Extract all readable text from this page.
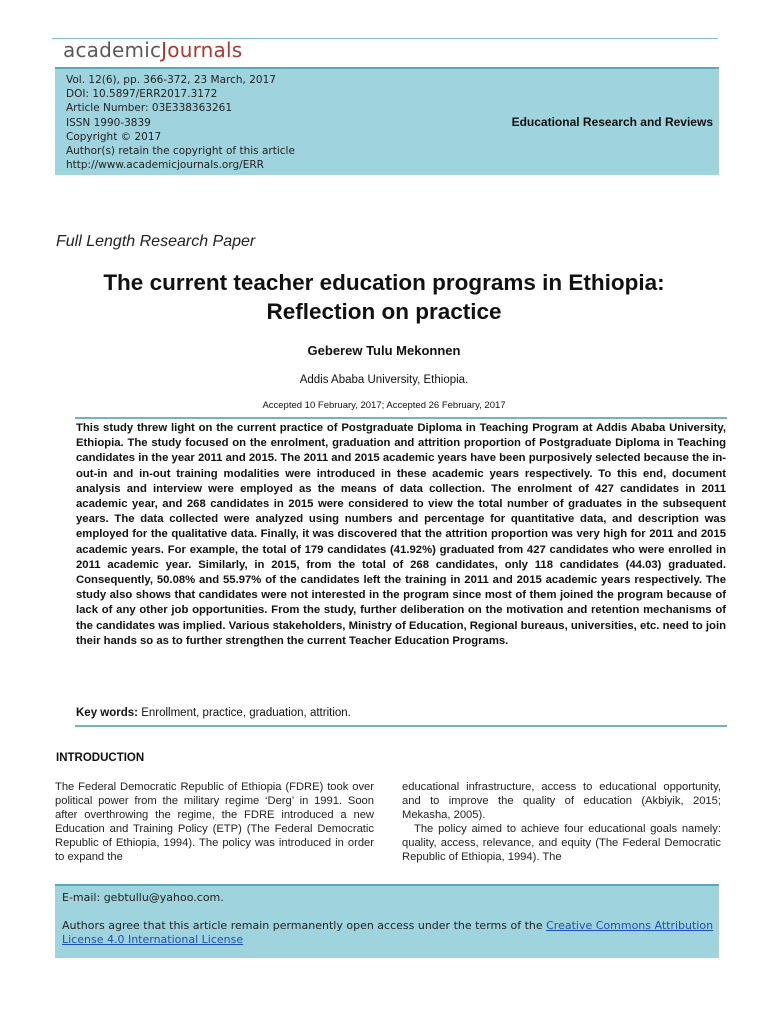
academicJournals
Vol. 12(6), pp. 366-372, 23 March, 2017
DOI: 10.5897/ERR2017.3172
Article Number: 03E338363261
ISSN 1990-3839
Copyright © 2017
Author(s) retain the copyright of this article
http://www.academicjournals.org/ERR
Educational Research and Reviews
Full Length Research Paper
The current teacher education programs in Ethiopia:
Reflection on practice
Geberew Tulu Mekonnen
Addis Ababa University, Ethiopia.
Accepted 10 February, 2017; Accepted 26 February, 2017
This study threw light on the current practice of Postgraduate Diploma in Teaching Program at Addis Ababa University, Ethiopia. The study focused on the enrolment, graduation and attrition proportion of Postgraduate Diploma in Teaching candidates in the year 2011 and 2015. The 2011 and 2015 academic years have been purposively selected because the in-out-in and in-out training modalities were introduced in these academic years respectively. To this end, document analysis and interview were employed as the means of data collection. The enrolment of 427 candidates in 2011 academic year, and 268 candidates in 2015 were considered to view the total number of graduates in the subsequent years. The data collected were analyzed using numbers and percentage for quantitative data, and description was employed for the qualitative data. Finally, it was discovered that the attrition proportion was very high for 2011 and 2015 academic years. For example, the total of 179 candidates (41.92%) graduated from 427 candidates who were enrolled in 2011 academic year. Similarly, in 2015, from the total of 268 candidates, only 118 candidates (44.03) graduated. Consequently, 50.08% and 55.97% of the candidates left the training in 2011 and 2015 academic years respectively. The study also shows that candidates were not interested in the program since most of them joined the program because of lack of any other job opportunities. From the study, further deliberation on the motivation and retention mechanisms of the candidates was implied. Various stakeholders, Ministry of Education, Regional bureaus, universities, etc. need to join their hands so as to further strengthen the current Teacher Education Programs.
Key words: Enrollment, practice, graduation, attrition.
INTRODUCTION

The Federal Democratic Republic of Ethiopia (FDRE) took over political power from the military regime ‘Derg’ in 1991. Soon after overthrowing the regime, the FDRE introduced a new Education and Training Policy (ETP) (The Federal Democratic Republic of Ethiopia, 1994). The policy was introduced in order to expand the

educational infrastructure, access to educational opportunity, and to improve the quality of education (Akbiyik, 2015; Mekasha, 2005).

The policy aimed to achieve four educational goals namely: quality, access, relevance, and equity (The Federal Democratic Republic of Ethiopia, 1994). The

E-mail: gebtullu@yahoo.com.
Authors agree that this article remain permanently open access under the terms of the Creative Commons Attribution License 4.0 International License
